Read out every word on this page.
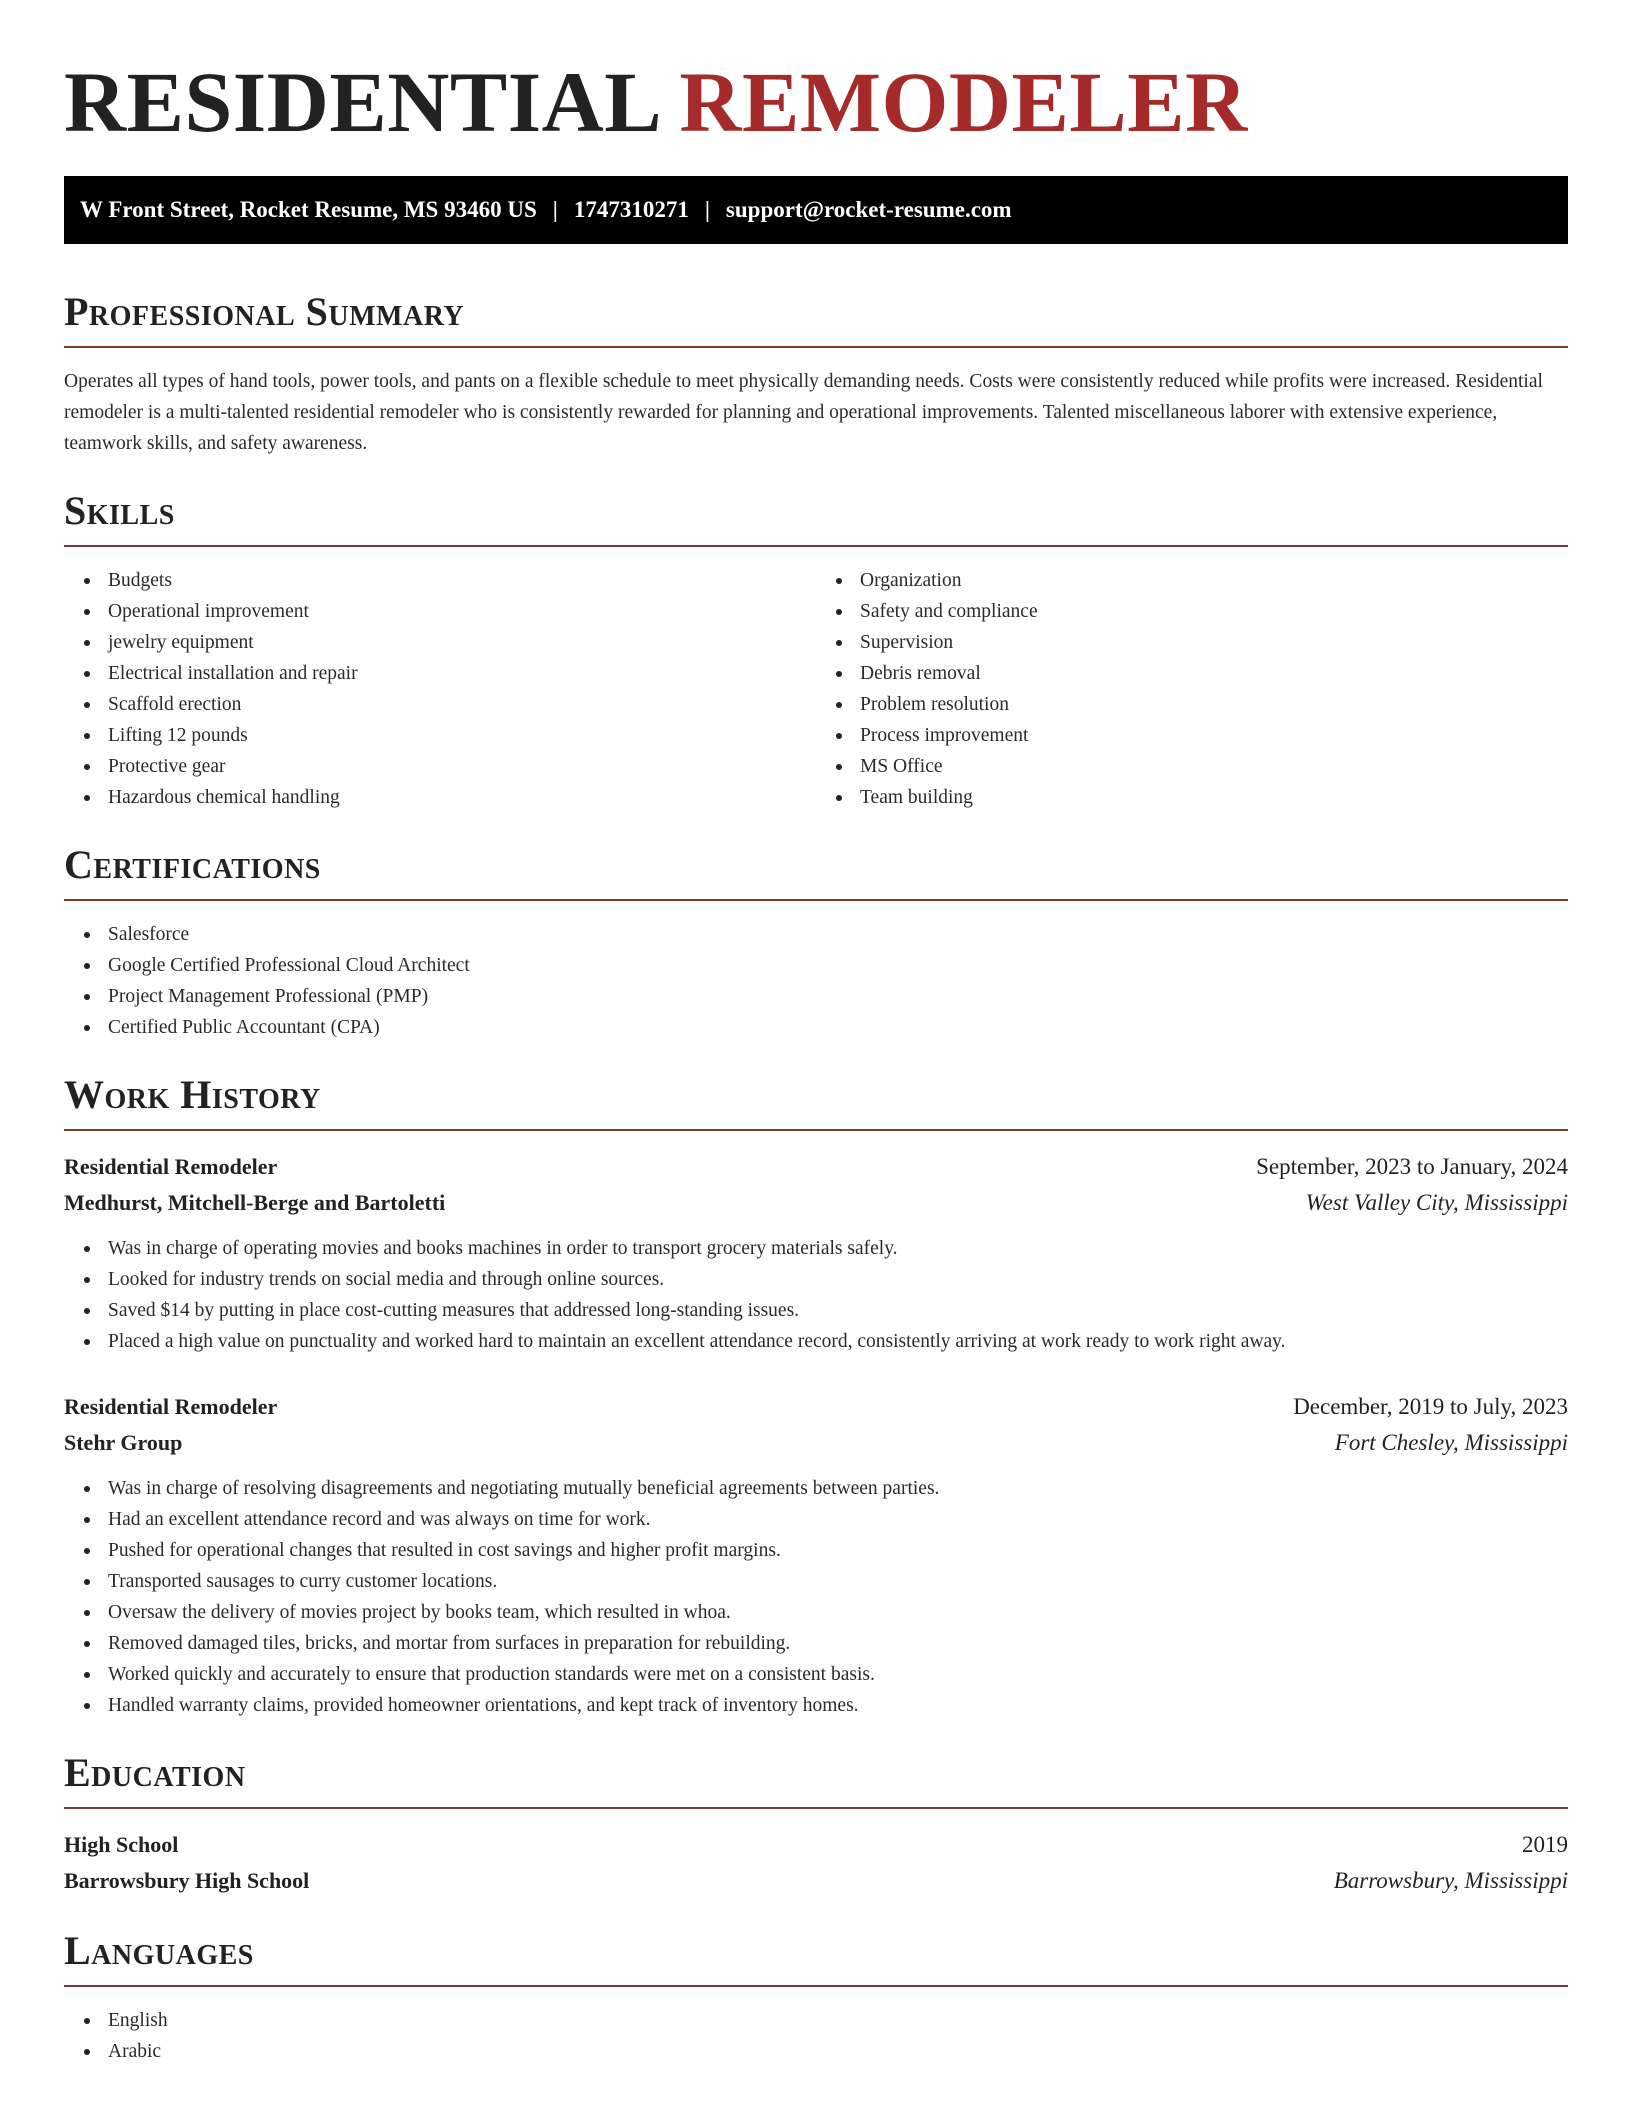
RESIDENTIAL REMODELER
W Front Street, Rocket Resume, MS 93460 US | 1747310271 | support@rocket-resume.com
Professional Summary

Operates all types of hand tools, power tools, and pants on a flexible schedule to meet physically demanding needs. Costs were consistently reduced while profits were increased. Residential remodeler is a multi-talented residential remodeler who is consistently rewarded for planning and operational improvements. Talented miscellaneous laborer with extensive experience, teamwork skills, and safety awareness.

Skills
Budgets
Operational improvement
jewelry equipment
Electrical installation and repair
Scaffold erection
Lifting 12 pounds
Protective gear
Hazardous chemical handling
Organization
Safety and compliance
Supervision
Debris removal
Problem resolution
Process improvement
MS Office
Team building
Certifications
Salesforce
Google Certified Professional Cloud Architect
Project Management Professional (PMP)
Certified Public Accountant (CPA)
Work History
Residential Remodeler	September, 2023 to January, 2024
Medhurst, Mitchell-Berge and Bartoletti	West Valley City, Mississippi
Was in charge of operating movies and books machines in order to transport grocery materials safely.
Looked for industry trends on social media and through online sources.
Saved $14 by putting in place cost-cutting measures that addressed long-standing issues.
Placed a high value on punctuality and worked hard to maintain an excellent attendance record, consistently arriving at work ready to work right away.
Residential Remodeler	December, 2019 to July, 2023
Stehr Group	Fort Chesley, Mississippi
Was in charge of resolving disagreements and negotiating mutually beneficial agreements between parties.
Had an excellent attendance record and was always on time for work.
Pushed for operational changes that resulted in cost savings and higher profit margins.
Transported sausages to curry customer locations.
Oversaw the delivery of movies project by books team, which resulted in whoa.
Removed damaged tiles, bricks, and mortar from surfaces in preparation for rebuilding.
Worked quickly and accurately to ensure that production standards were met on a consistent basis.
Handled warranty claims, provided homeowner orientations, and kept track of inventory homes.
Education
High School	2019
Barrowsbury High School	Barrowsbury, Mississippi
Languages
English
Arabic
